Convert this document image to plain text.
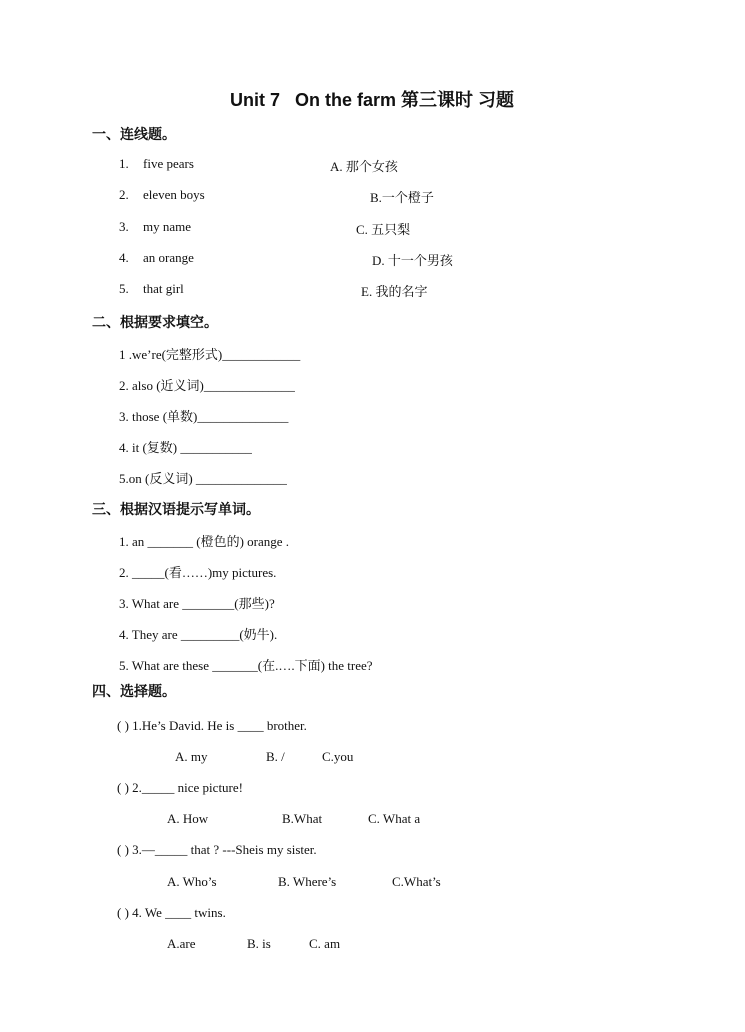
Unit 7   On the farm 第三课时 习题
一、连线题。
1. five pears
2. eleven boys
3. my name
4. an orange
5. that girl
A. 那个女孩
B.一个橙子
C. 五只梨
D. 十一个男孩
E. 我的名字
二、根据要求填空。
1 .we’re(完整形式)____________
2. also (近义词)______________
3. those (单数)______________
4. it (复数) ___________
5.on (反义词) ______________
三、根据汉语提示写单词。
1. an _______ (橙色的) orange .
2. _____(看……)my pictures.
3. What are ________(那些)?
4. They are _________(奶牛).
5. What are these _______(在.….下面) the tree?
四、选择题。
( ) 1.He’s David. He is ____ brother.
A. my	B. /	C.you
( ) 2._____ nice picture!
A. How	B.What	C. What a
( ) 3.—_____ that ? ---Sheis my sister.
A. Who’s	B. Where’s	C.What’s
( ) 4. We ____ twins.
A.are	B. is	C. am
